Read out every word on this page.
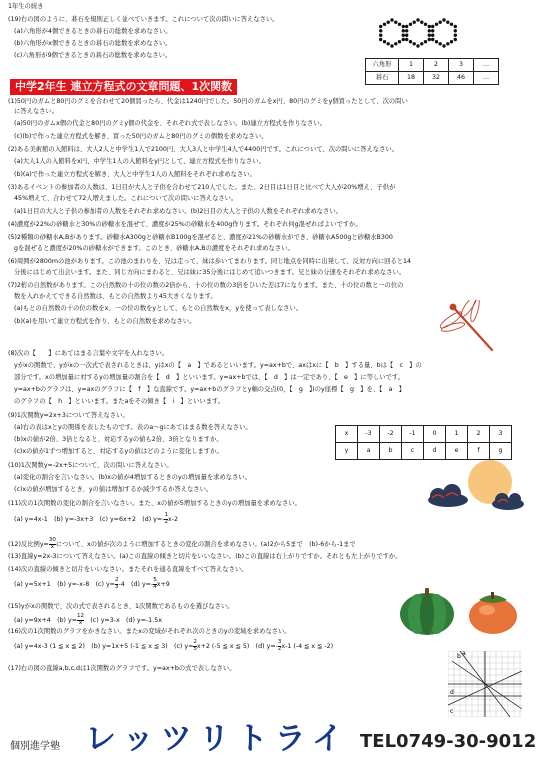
1年生の続き
(19)右の図のように、碁石を規則正しく並べていきます。これについて次の問いに答えなさい。
(a)六角形が4個できるときの碁石の総数を求めなさい。
(b)六角形がx個できるときの碁石の総数を求めなさい。
(c)六角形が9個できるときの碁石の総数を求めなさい。
六角形	1	2	3	…
碁石	18	32	46	…
中学2年生 連立方程式の文章問題、1次関数
(1)50円のガムと80円のグミを合わせて20個買ったら、代金は1240円でした。50円のガムをx円、80円のグミをy個買ったとして、次の問い
に答えなさい。
(a)50円のガムx個の代金と80円のグミy個の代金を、それぞれ式で表しなさい。(b)連立方程式を作りなさい。
(c)(b)で作った連立方程式を解き、買った50円のガムと80円のグミの個数を求めなさい。
(2)ある美術館の入館料は、大人2人と中学生1人で2100円、大人3人と中学生4人で4400円です。これについて、次の問いに答えなさい。
(a)大人1人の入館料をx円、中学生1人の入館料をy円として、連立方程式を作りなさい。
(b)(a)で作った連立方程式を解き、大人と中学生1人の入館料をそれぞれ求めなさい。
(3)あるイベントの参加者の人数は、1日目が大人と子供を合わせて210人でした。また、2日目は1日目と比べて大人が20%増え、子供が
45%増えて、合わせて72人増えました。これについて次の問いに答えなさい。
(a)1日目の大人と子供の参加者の人数をそれぞれ求めなさい。(b)2日目の大人と子供の人数をそれぞれ求めなさい。
(4)濃度が22%の砂糖水と30%の砂糖水を混ぜて、濃度が25%の砂糖水を400g作ります。それぞれ何g混ぜればよいですか。
(5)2種類の砂糖水A,Bがあります。砂糖水A300gと砂糖水B100gを混ぜると、濃度が21%の砂糖水ができ、砂糖水A500gと砂糖水B300
gを混ぜると濃度が20%の砂糖水ができます。このとき、砂糖水A,Bの濃度をそれぞれ求めなさい。
(6)周囲が2800mの池があります。この池のまわりを、兄は走って、妹は歩いてまわります。同じ地点を同時に出発して、反対方向に回ると14
分後にはじめて出会います。また、同じ方向にまわると、兄は妹に35分後にはじめて追いつきます。兄と妹の分速をそれぞれ求めなさい。
(7)2桁の自然数があります。この自然数の十の位の数の2倍から、十の位の数の3倍をひいた差は7になります。また、十の位の数と一の位の
数を入れかえてできる自然数は、もとの自然数より45大きくなります。
(a)もとの自然数の十の位の数をx、一の位の数をyとして、もとの自然数をx，yを使って表しなさい。
(b)(a)を用いて連立方程式を作り、もとの自然数を求めなさい。
(8)次の【　　】にあてはまる言葉や文字を入れなさい。
yがxの関数で、yがxの一次式で表されるときは、yはxの【　a　】であるといいます。y=ax+bで、axはxに【　b　】する量、bは【　c　】の
部分です。xの増加量に対するyの増加量の割合を【　d　】といいます。y=ax+bでは、【　d　】は一定であり、【　e　】に等しいです。
y=ax+bのグラフは、y=axのグラフに【　f　】な直線です。y=ax+bのグラフとy軸の交点(0，【　g　】)のy座標【　g　】を、【　a　】
のグラフの【　h　】といいます。またaをその傾き【　i　】といいます。
(9)1次関数y=2x+3について答えなさい。
(a)右の表はxとyの関係を表したものです。表のa～gにあてはまる数を答えなさい。
(b)xの値が2倍、3倍となると、対応するyの値も2倍、3倍となりますか。
(c)xの値が1ずつ増加すると、対応するyの値はどのように変化しますか。
x	-3	-2	-1	0	1	2	3
y	a	b	c	d	e	f	g
(10)1次関数y=-2x+5について、次の問いに答えなさい。
(a)変化の割合を言いなさい。(b)xの値が4増加するときのyの増加量を求めなさい。
(c)xの値が増加するとき、yの値は増加するか減少するか答えなさい。
(11)次の1次関数の変化の割合を言いなさい。また、xの値が5増加するときのyの増加量を求めなさい。
(a) y=4x-1　(b) y=-3x+3　(c) y=6x+2　(d) $y=- \frac{1}{2} x-2$
(12)反比例$y= \frac{30}{x}$ について、xの値が次のように増加するときの変化の割合を求めなさい。(a)2から5まで　(b)-6から-1まで
(13)直線y=2x-3について答えなさい。(a)この直線の傾きと切片をいいなさい。(b)この直線は右上がりですか。それとも左上がりですか。
(14)次の直線の傾きと切片をいいなさい。またそれを通る直線をすべて答えなさい。
(a) y=5x+1　(b) y=-x-8　(c) $y= \frac{2}{3} -4$　(d) $y=- \frac{5}{4} x+9$
(15)yがxの関数で、次の式で表されるとき、1次関数であるものを選びなさい。
(a) y=9x+4　(b) $y= \frac{12}{x}$
　 (c) y=3-x　(d) y=-1.5x
(16)次の1次関数のグラフをかきなさい。またxの変域がそれぞれ次のときのyの変域を求めなさい。
(a) y=4x-3 (1 ≦ x ≦ 2)　(b) y=1x+5 (-1 ≦ x ≦ 3)　(c) $y= \frac{2}{5} x+2$ (-5 ≦ x ≦ 5)　(d) $y=- \frac{3}{2} x-1$ (-4 ≦ x ≦ -2)
(17)右の図の直線a,b,c,dは1次関数のグラフです。y=ax+bの式で表しなさい。
b a
d
c
個別進学塾 レッツリトライ TEL0749-30-9012
